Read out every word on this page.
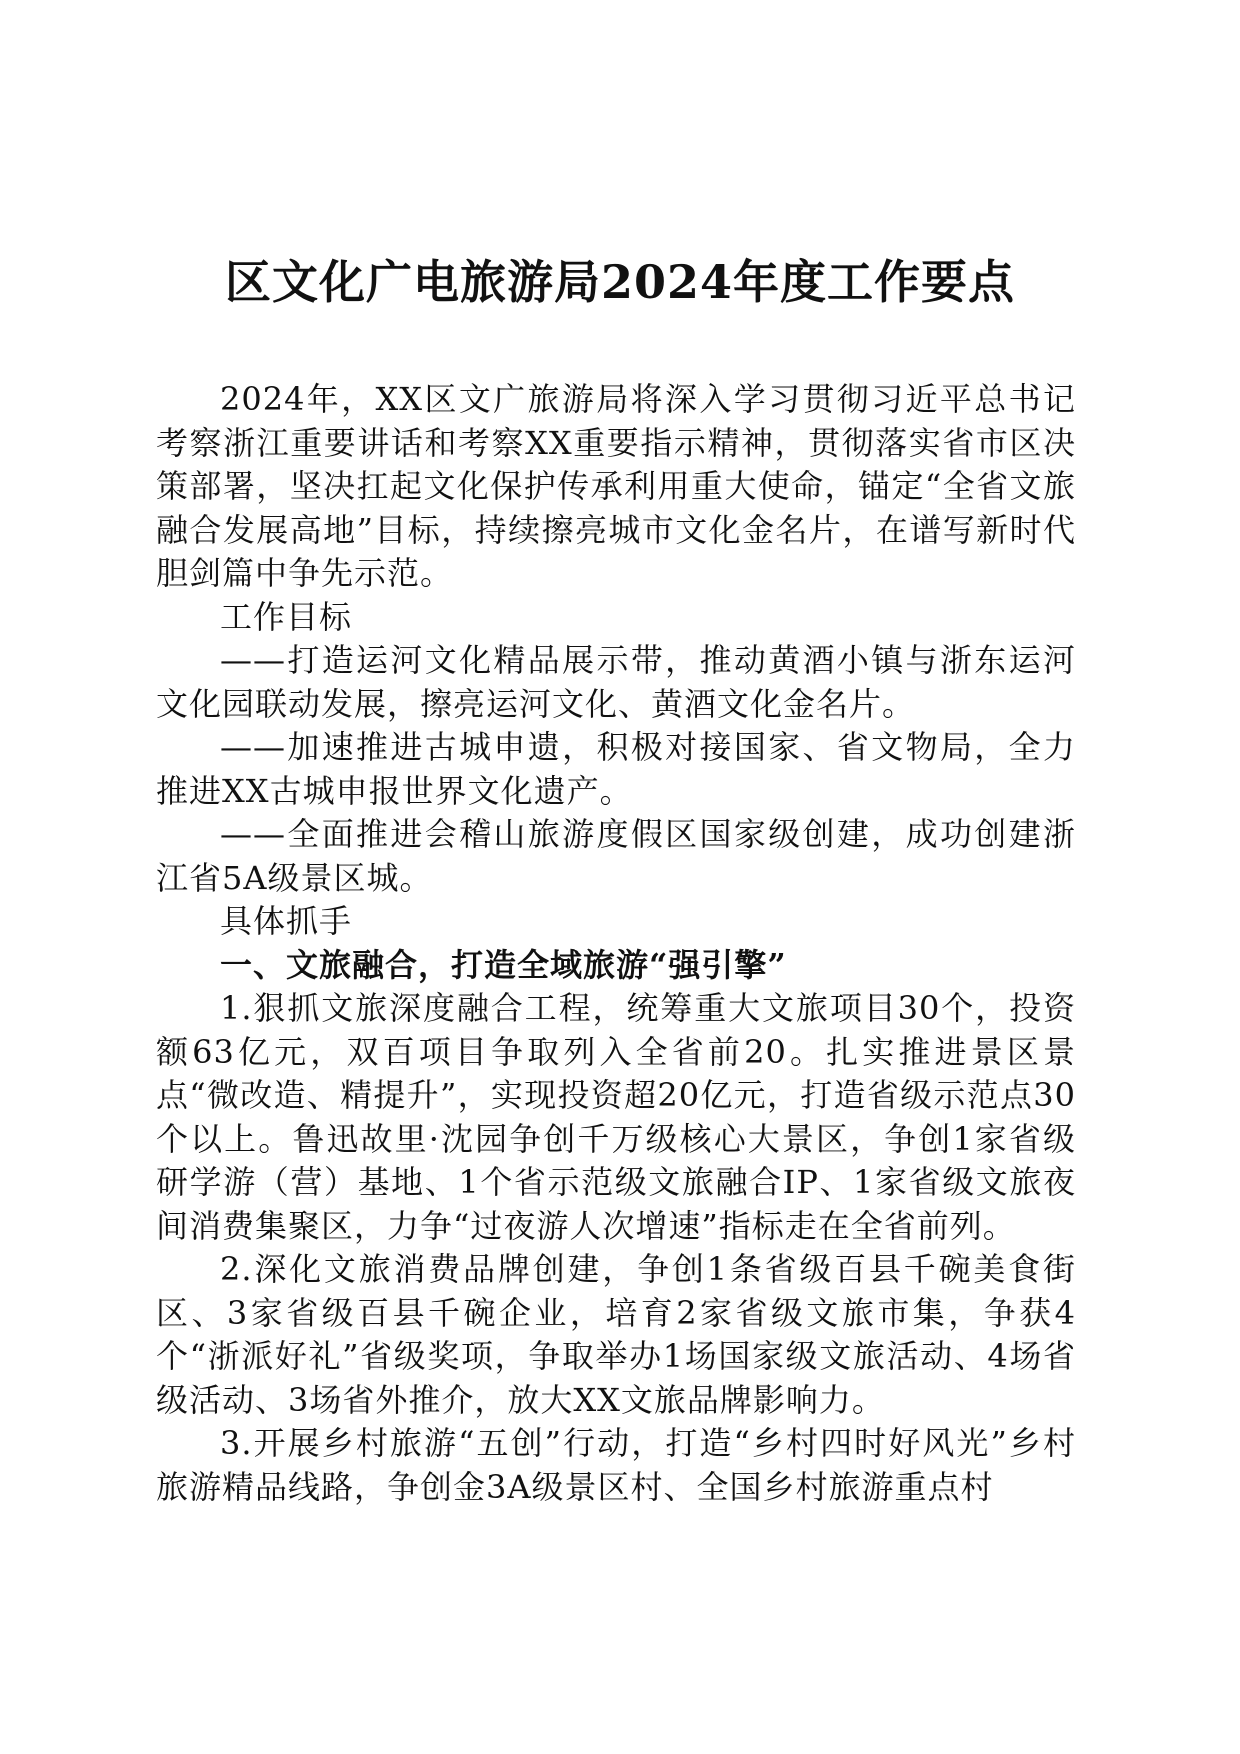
区文化广电旅游局2024年度工作要点

2024年，XX区文广旅游局将深入学习贯彻习近平总书记考察浙江重要讲话和考察XX重要指示精神，贯彻落实省市区决策部署，坚决扛起文化保护传承利用重大使命，锚定“全省文旅融合发展高地”目标，持续擦亮城市文化金名片，在谱写新时代胆剑篇中争先示范。

工作目标

——打造运河文化精品展示带，推动黄酒小镇与浙东运河文化园联动发展，擦亮运河文化、黄酒文化金名片。

——加速推进古城申遗，积极对接国家、省文物局，全力推进XX古城申报世界文化遗产。

——全面推进会稽山旅游度假区国家级创建，成功创建浙江省5A级景区城。

具体抓手

一、文旅融合，打造全域旅游“强引擎”

1.狠抓文旅深度融合工程，统筹重大文旅项目30个，投资额63亿元，双百项目争取列入全省前20。扎实推进景区景点“微改造、精提升”，实现投资超20亿元，打造省级示范点30个以上。鲁迅故里·沈园争创千万级核心大景区，争创1家省级研学游（营）基地、1个省示范级文旅融合IP、1家省级文旅夜间消费集聚区，力争“过夜游人次增速”指标走在全省前列。

2.深化文旅消费品牌创建，争创1条省级百县千碗美食街区、3家省级百县千碗企业，培育2家省级文旅市集，争获4个“浙派好礼”省级奖项，争取举办1场国家级文旅活动、4场省级活动、3场省外推介，放大XX文旅品牌影响力。

3.开展乡村旅游“五创”行动，打造“乡村四时好风光”乡村旅游精品线路，争创金3A级景区村、全国乡村旅游重点村
